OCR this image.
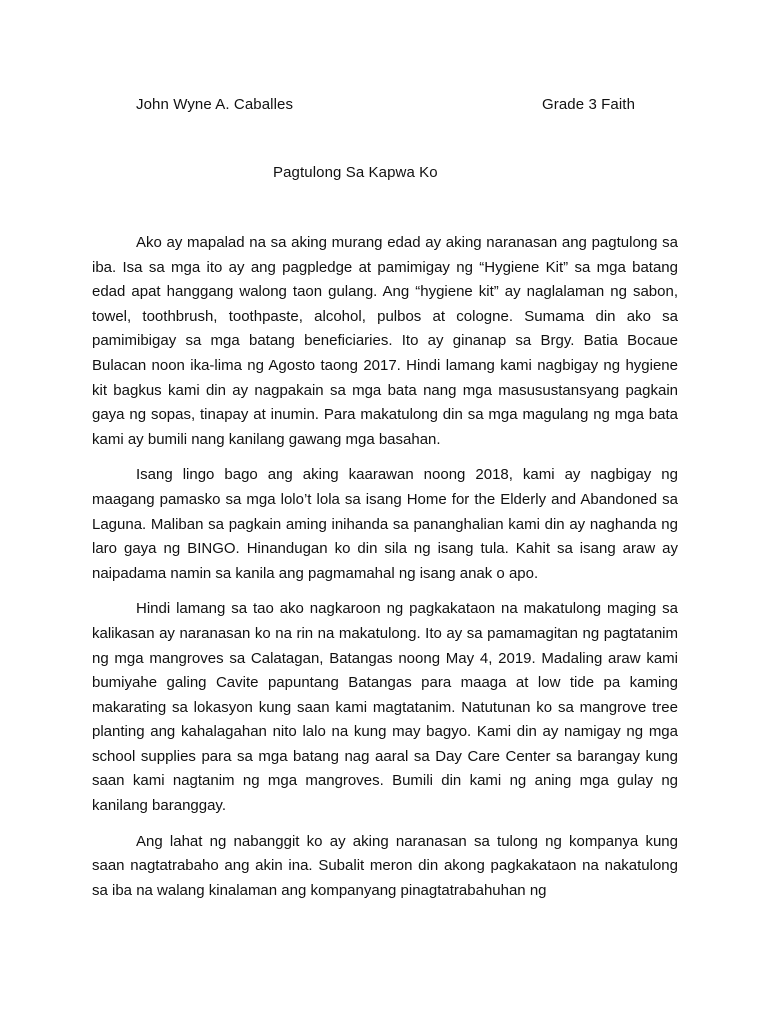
John Wyne A. Caballes	Grade 3 Faith
Pagtulong Sa Kapwa Ko

Ako ay mapalad na sa aking murang edad ay aking naranasan ang pagtulong sa iba. Isa sa mga ito ay ang pagpledge at pamimigay ng “Hygiene Kit” sa mga batang edad apat hanggang walong taon gulang. Ang “hygiene kit” ay naglalaman ng sabon, towel, toothbrush, toothpaste, alcohol, pulbos at cologne. Sumama din ako sa pamimibigay sa mga batang beneficiaries. Ito ay ginanap sa Brgy. Batia Bocaue Bulacan noon ika-lima ng Agosto taong 2017. Hindi lamang kami nagbigay ng hygiene kit bagkus kami din ay nagpakain sa mga bata nang mga masusustansyang pagkain gaya ng sopas, tinapay at inumin. Para makatulong din sa mga magulang ng mga bata kami ay bumili nang kanilang gawang mga basahan.

Isang lingo bago ang aking kaarawan noong 2018, kami ay nagbigay ng maagang pamasko sa mga lolo’t lola sa isang Home for the Elderly and Abandoned sa Laguna. Maliban sa pagkain aming inihanda sa pananghalian kami din ay naghanda ng laro gaya ng BINGO. Hinandugan ko din sila ng isang tula. Kahit sa isang araw ay naipadama namin sa kanila ang pagmamahal ng isang anak o apo.

Hindi lamang sa tao ako nagkaroon ng pagkakataon na makatulong maging sa kalikasan ay naranasan ko na rin na makatulong. Ito ay sa pamamagitan ng pagtatanim ng mga mangroves sa Calatagan, Batangas noong May 4, 2019. Madaling araw kami bumiyahe galing Cavite papuntang Batangas para maaga at low tide pa kaming makarating sa lokasyon kung saan kami magtatanim. Natutunan ko sa mangrove tree planting ang kahalagahan nito lalo na kung may bagyo. Kami din ay namigay ng mga school supplies para sa mga batang nag aaral sa Day Care Center sa barangay kung saan kami nagtanim ng mga mangroves. Bumili din kami ng aning mga gulay ng kanilang baranggay.

Ang lahat ng nabanggit ko ay aking naranasan sa tulong ng kompanya kung saan nagtatrabaho ang akin ina. Subalit meron din akong pagkakataon na nakatulong sa iba na walang kinalaman ang kompanyang pinagtatrabahuhan ng
